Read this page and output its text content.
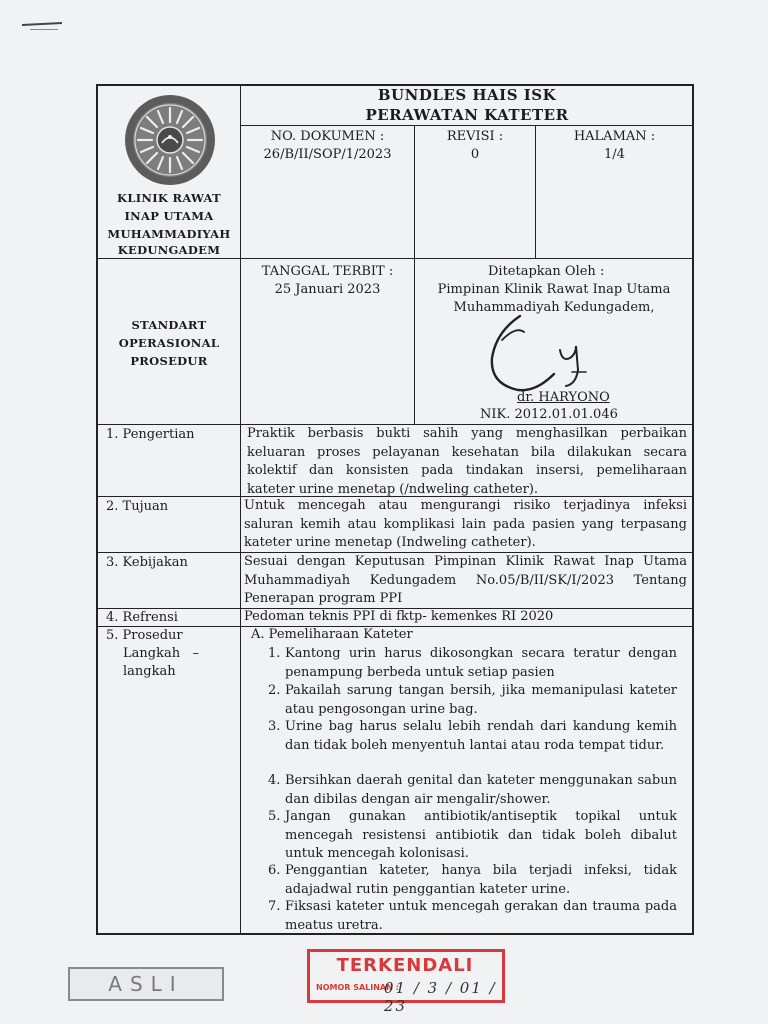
KLINIK RAWAT
INAP UTAMA
MUHAMMADIYAH
KEDUNGADEM
BUNDLES HAIS ISK
PERAWATAN KATETER
NO. DOKUMEN :
26/B/II/SOP/1/2023
REVISI :
0
HALAMAN :
1/4
STANDART
OPERASIONAL
PROSEDUR
TANGGAL TERBIT :
25 Januari 2023
Ditetapkan Oleh :
Pimpinan Klinik Rawat Inap Utama
Muhammadiyah Kedungadem,
dr. HARYONO
NIK. 2012.01.01.046
1. Pengertian
2. Tujuan
3. Kebijakan
4. Refrensi
5. Prosedur
Langkah   –
langkah
Praktik berbasis bukti sahih yang menghasilkan perbaikan keluaran proses pelayanan kesehatan bila dilakukan secara kolektif dan konsisten pada tindakan insersi, pemeliharaan kateter urine menetap (/ndweling catheter).
Untuk mencegah atau mengurangi risiko terjadinya infeksi saluran kemih atau komplikasi lain pada pasien yang terpasang kateter urine menetap (Indweling catheter).
Sesuai dengan Keputusan Pimpinan Klinik Rawat Inap Utama Muhammadiyah Kedungadem No.05/B/II/SK/I/2023 Tentang Penerapan program PPI
Pedoman teknis PPI di fktp- kemenkes RI 2020
A. Pemeliharaan Kateter
1. Kantong urin harus dikosongkan secara teratur dengan penampung berbeda untuk setiap pasien
2. Pakailah sarung tangan bersih, jika memanipulasi kateter atau pengosongan urine bag.
3. Urine bag harus selalu lebih rendah dari kandung kemih dan tidak boleh menyentuh lantai atau roda tempat tidur.
4. Bersihkan daerah genital dan kateter menggunakan sabun dan dibilas dengan air mengalir/shower.
5. Jangan gunakan antibiotik/antiseptik topikal untuk mencegah resistensi antibiotik dan tidak boleh dibalut untuk mencegah kolonisasi.
6. Penggantian kateter, hanya bila terjadi infeksi, tidak adajadwal rutin penggantian kateter urine.
7. Fiksasi kateter untuk mencegah gerakan dan trauma pada meatus uretra.
ASLI
TERKENDALI
NOMOR SALINAN :
01 / 3 / 01 / 23
